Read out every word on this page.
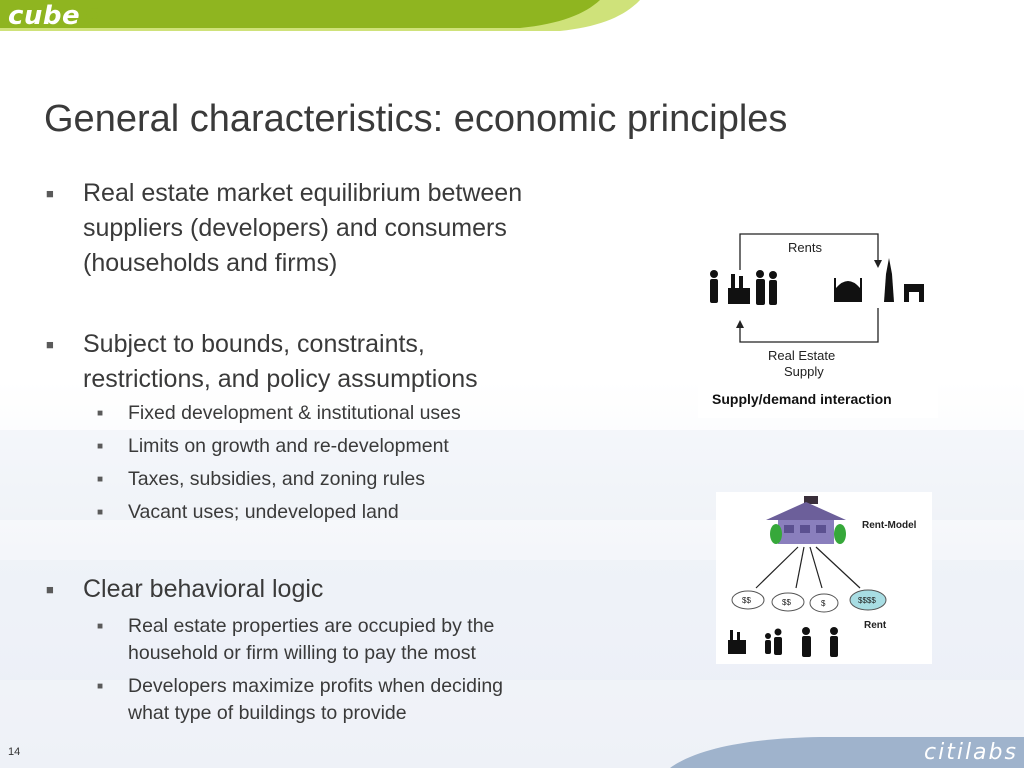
cube 5
General characteristics: economic principles
■ Real estate market equilibrium between
suppliers (developers) and consumers
(households and firms)
■ Subject to bounds, constraints,
restrictions, and policy assumptions
■ Fixed development & institutional uses
■ Limits on growth and re-development
■ Taxes, subsidies, and zoning rules
■ Vacant uses; undeveloped land
■ Clear behavioral logic
■ Real estate properties are occupied by the
household or firm willing to pay the most
■ Developers maximize profits when deciding
what type of buildings to provide
Rents
Real Estate
Supply
Supply/demand interaction
Rent-Model
$$	$$	$	$$$$
Rent
citilabs
14
